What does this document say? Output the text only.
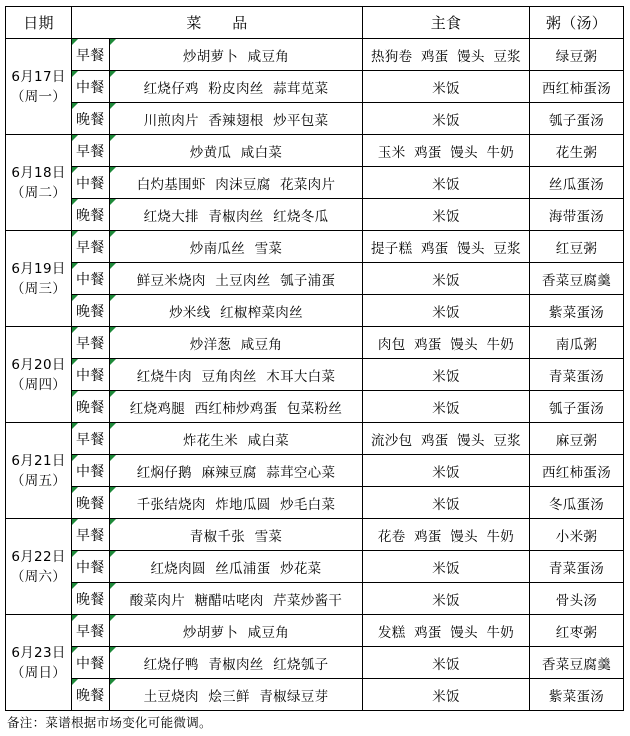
日期	菜　　品	主食	粥（汤）
6月17日
（周一）
早餐	炒胡萝卜 咸豆角	热狗卷 鸡蛋 馒头 豆浆	绿豆粥
中餐	红烧仔鸡 粉皮肉丝 蒜茸苋菜	米饭	西红柿蛋汤
晚餐	川煎肉片 香辣翅根 炒平包菜	米饭	瓠子蛋汤
6月18日
（周二）
早餐	炒黄瓜 咸白菜	玉米 鸡蛋 馒头 牛奶	花生粥
中餐	白灼基围虾 肉沫豆腐 花菜肉片	米饭	丝瓜蛋汤
晚餐	红烧大排 青椒肉丝 红烧冬瓜	米饭	海带蛋汤
6月19日
（周三）
早餐	炒南瓜丝 雪菜	提子糕 鸡蛋 馒头 豆浆	红豆粥
中餐	鲜豆米烧肉 土豆肉丝 瓠子浦蛋	米饭	香菜豆腐羹
晚餐	炒米线 红椒榨菜肉丝	米饭	紫菜蛋汤
6月20日
（周四）
早餐	炒洋葱 咸豆角	肉包 鸡蛋 馒头 牛奶	南瓜粥
中餐	红烧牛肉 豆角肉丝 木耳大白菜	米饭	青菜蛋汤
晚餐	红烧鸡腿 西红柿炒鸡蛋 包菜粉丝	米饭	瓠子蛋汤
6月21日
（周五）
早餐	炸花生米 咸白菜	流沙包 鸡蛋 馒头 豆浆	麻豆粥
中餐	红焖仔鹅 麻辣豆腐 蒜茸空心菜	米饭	西红柿蛋汤
晚餐	千张结烧肉 炸地瓜圆 炒毛白菜	米饭	冬瓜蛋汤
6月22日
（周六）
早餐	青椒千张 雪菜	花卷 鸡蛋 馒头 牛奶	小米粥
中餐	红烧肉圆 丝瓜浦蛋 炒花菜	米饭	青菜蛋汤
晚餐	酸菜肉片 糖醋咕咾肉 芹菜炒酱干	米饭	骨头汤
6月23日
（周日）
早餐	炒胡萝卜 咸豆角	发糕 鸡蛋 馒头 牛奶	红枣粥
中餐	红烧仔鸭 青椒肉丝 红烧瓠子	米饭	香菜豆腐羹
晚餐	土豆烧肉 烩三鲜 青椒绿豆芽	米饭	紫菜蛋汤
备注：菜谱根据市场变化可能微调。
